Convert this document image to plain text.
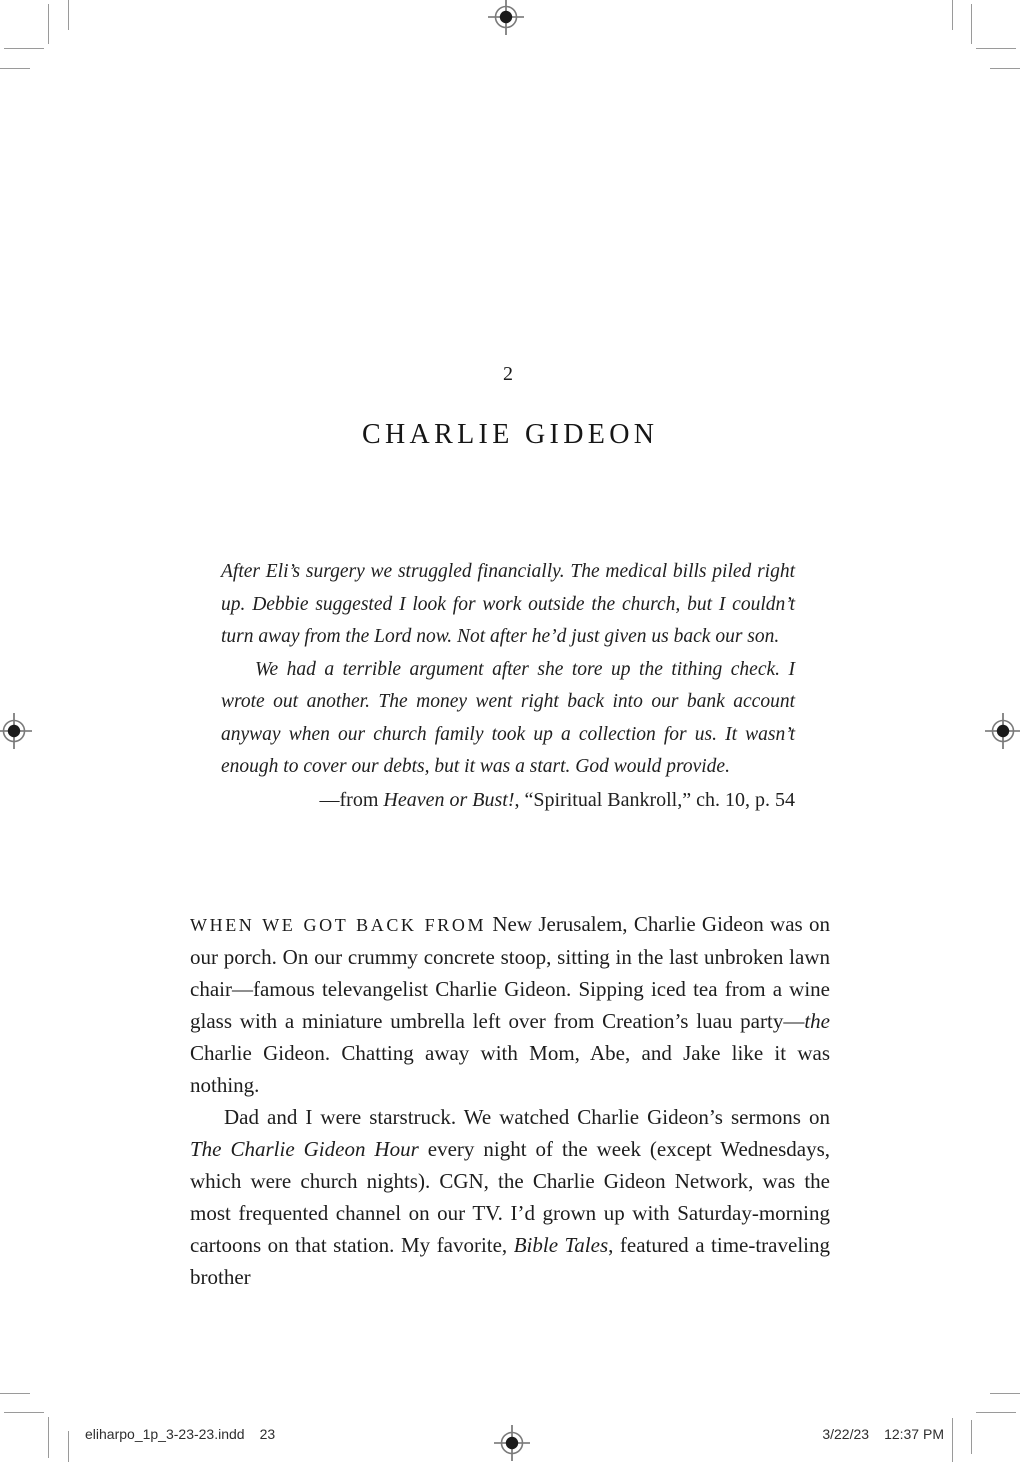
2
CHARLIE GIDEON

After Eli’s surgery we struggled financially. The medical bills piled right up. Debbie suggested I look for work outside the church, but I couldn’t turn away from the Lord now. Not after he’d just given us back our son.

We had a terrible argument after she tore up the tithing check. I wrote out another. The money went right back into our bank account anyway when our church family took up a collection for us. It wasn’t enough to cover our debts, but it was a start. God would provide.

—from Heaven or Bust!, “Spiritual Bankroll,” ch. 10, p. 54

WHEN WE GOT BACK FROM New Jerusalem, Charlie Gideon was on our porch. On our crummy concrete stoop, sitting in the last unbroken lawn chair—famous televangelist Charlie Gideon. Sipping iced tea from a wine glass with a miniature umbrella left over from Creation’s luau party—the Charlie Gideon. Chatting away with Mom, Abe, and Jake like it was nothing.

Dad and I were starstruck. We watched Charlie Gideon’s sermons on The Charlie Gideon Hour every night of the week (except Wednesdays, which were church nights). CGN, the Charlie Gideon Network, was the most frequented channel on our TV. I’d grown up with Saturday-morning cartoons on that station. My favorite, Bible Tales, featured a time-traveling brother

eliharpo_1p_3-23-23.indd 23	3/22/23 12:37 PM
